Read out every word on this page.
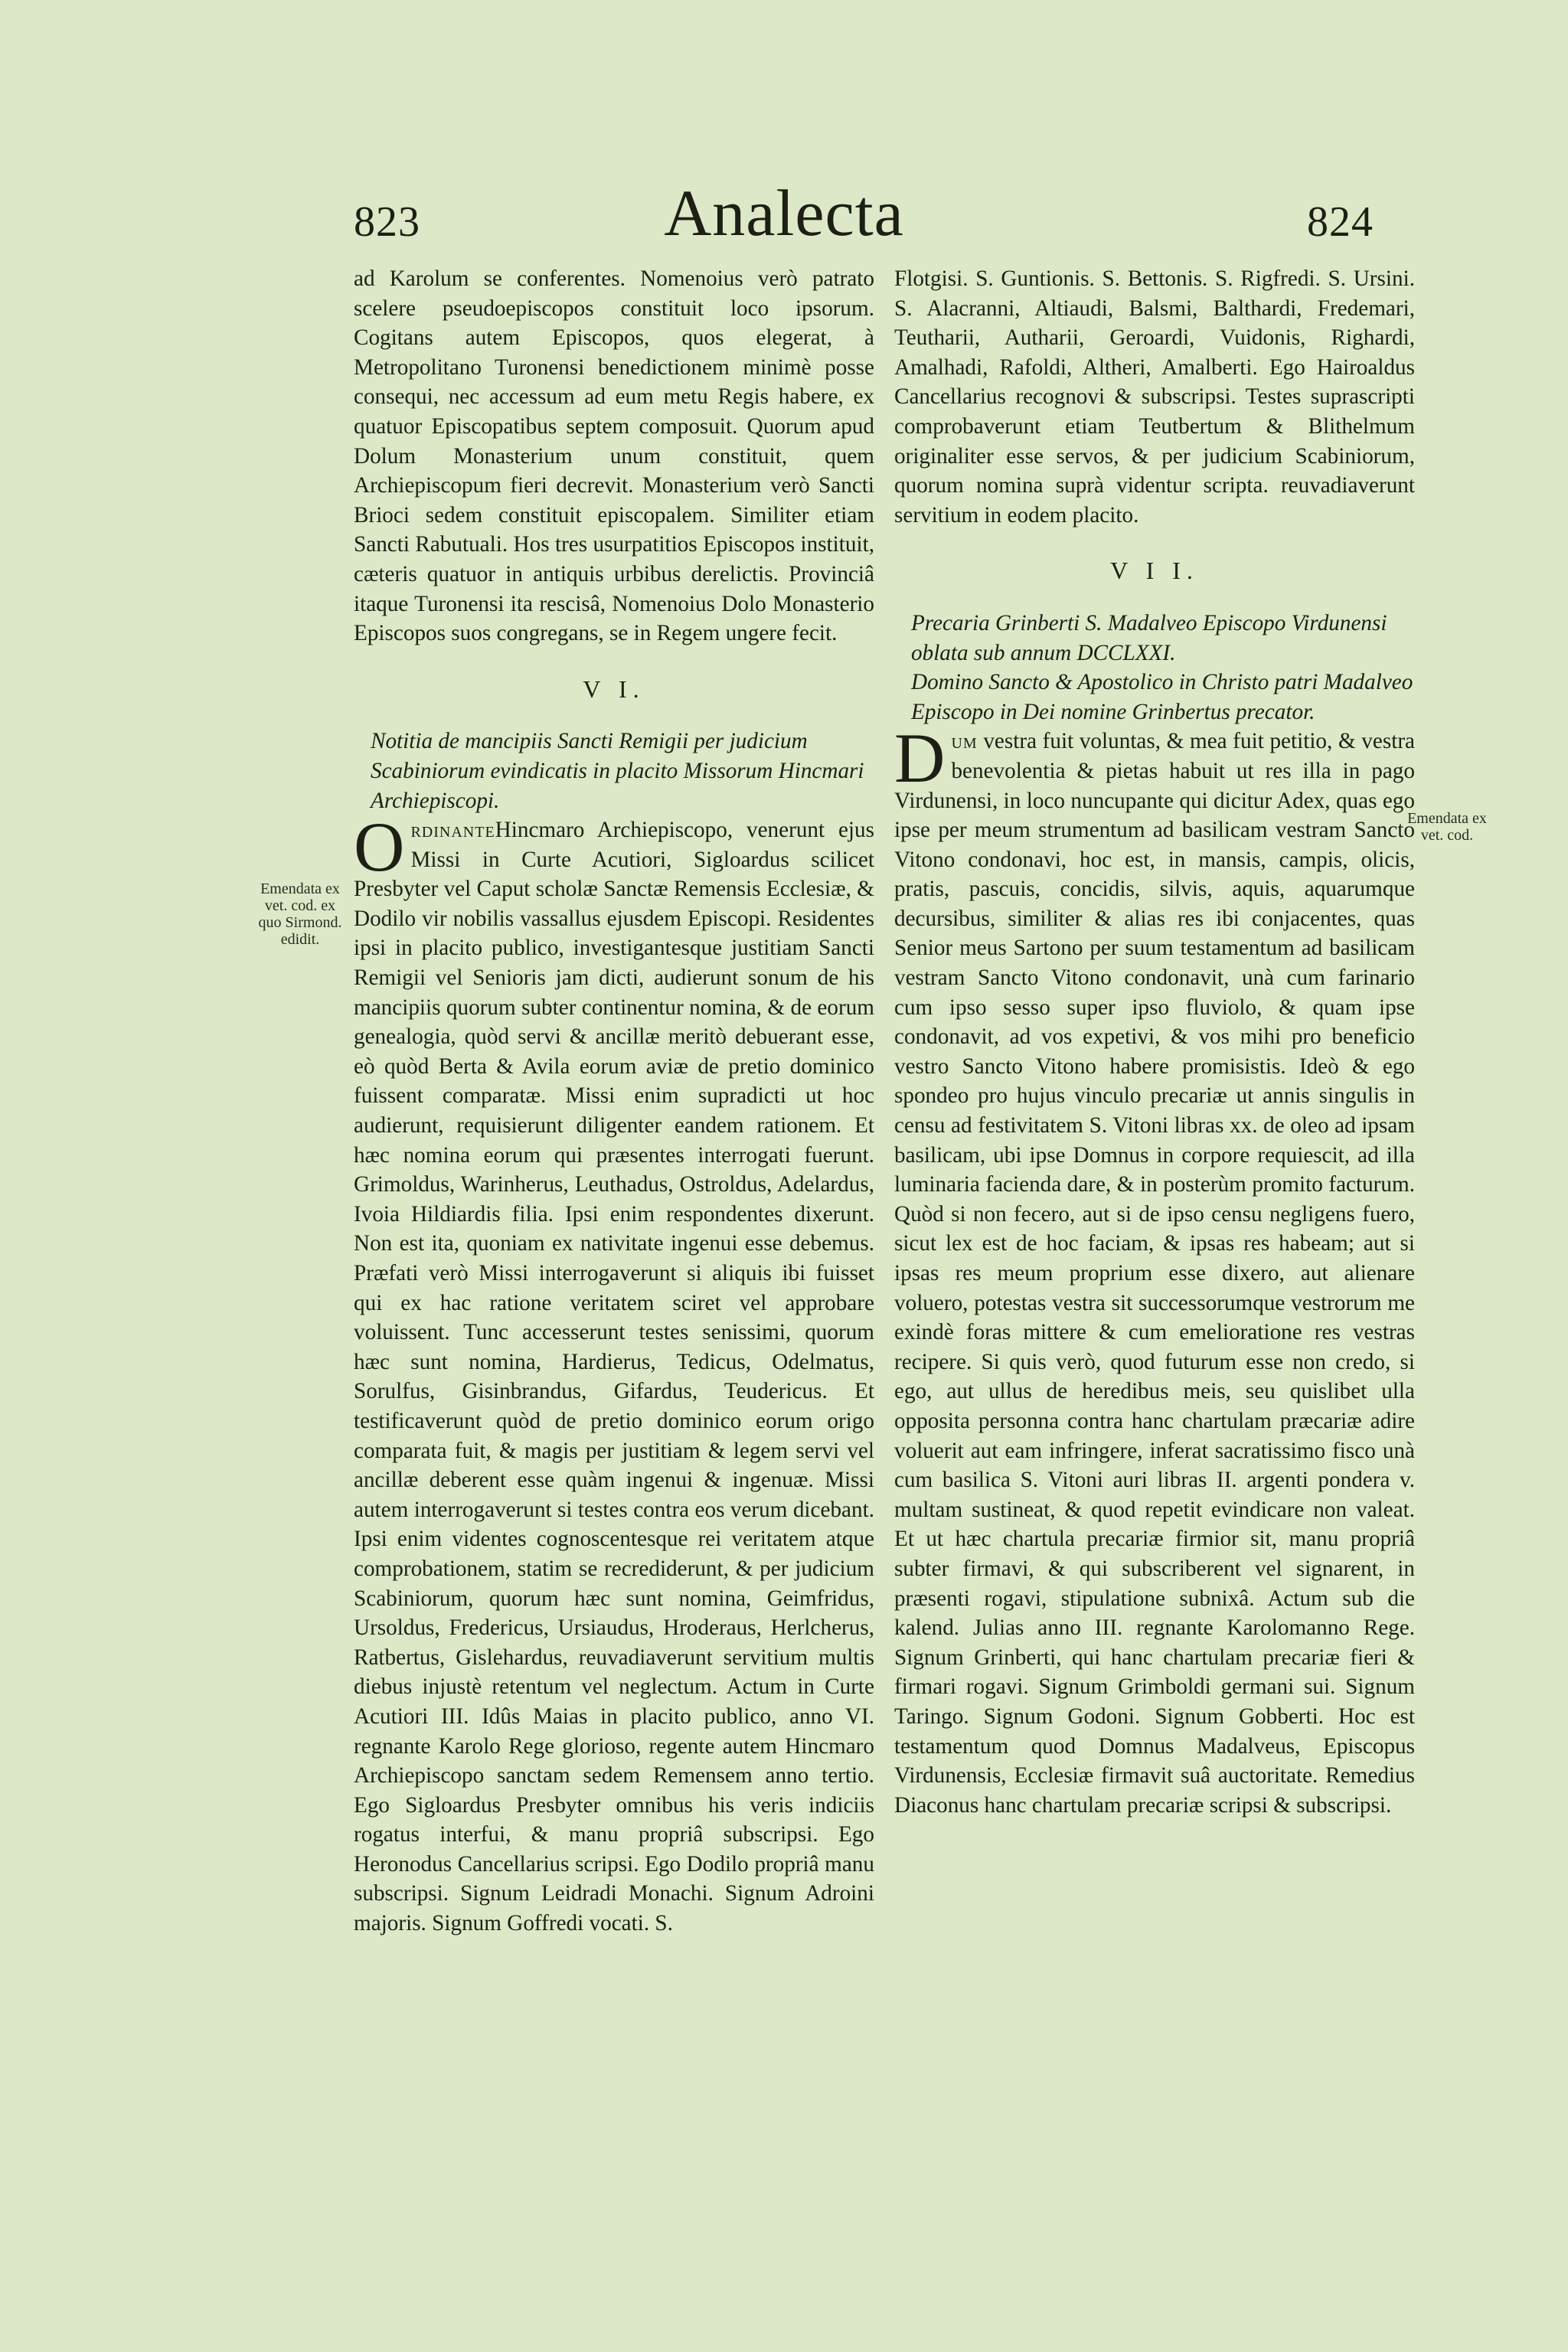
823	Analecta	824
Emendata ex vet. cod. ex quo Sirmond. edidit.
Emendata ex vet. cod.

ad Karolum se conferentes. Nomenoius verò patrato scelere pseudoepiscopos constituit loco ipsorum. Cogitans autem Episcopos, quos elegerat, à Metropolitano Turonensi benedictionem minimè posse consequi, nec accessum ad eum metu Regis habere, ex quatuor Episcopatibus septem composuit. Quorum apud Dolum Monasterium unum constituit, quem Archiepiscopum fieri decrevit. Monasterium verò Sancti Brioci sedem constituit episcopalem. Similiter etiam Sancti Rabutuali. Hos tres usurpatitios Episcopos instituit, cæteris quatuor in antiquis urbibus derelictis. Provinciâ itaque Turonensi ita rescisâ, Nomenoius Dolo Monasterio Episcopos suos congregans, se in Regem ungere fecit.

V I.

Notitia de mancipiis Sancti Remigii per judicium Scabiniorum evindicatis in placito Missorum Hincmari Archiepiscopi.

OrdinanteHincmaro Archiepiscopo, venerunt ejus Missi in Curte Acutiori, Sigloardus scilicet Presbyter vel Caput scholæ Sanctæ Remensis Ecclesiæ, & Dodilo vir nobilis vassallus ejusdem Episcopi. Residentes ipsi in placito publico, investigantesque justitiam Sancti Remigii vel Senioris jam dicti, audierunt sonum de his mancipiis quorum subter continentur nomina, & de eorum genealogia, quòd servi & ancillæ meritò debuerant esse, eò quòd Berta & Avila eorum aviæ de pretio dominico fuissent comparatæ. Missi enim supradicti ut hoc audierunt, requisierunt diligenter eandem rationem. Et hæc nomina eorum qui præsentes interrogati fuerunt. Grimoldus, Warinherus, Leuthadus, Ostroldus, Adelardus, Ivoia Hildiardis filia. Ipsi enim respondentes dixerunt. Non est ita, quoniam ex nativitate ingenui esse debemus. Præfati verò Missi interrogaverunt si aliquis ibi fuisset qui ex hac ratione veritatem sciret vel approbare voluissent. Tunc accesserunt testes senissimi, quorum hæc sunt nomina, Hardierus, Tedicus, Odelmatus, Sorulfus, Gisinbrandus, Gifardus, Teudericus. Et testificaverunt quòd de pretio dominico eorum origo comparata fuit, & magis per justitiam & legem servi vel ancillæ deberent esse quàm ingenui & ingenuæ. Missi autem interrogaverunt si testes contra eos verum dicebant. Ipsi enim videntes cognoscentesque rei veritatem atque comprobationem, statim se recrediderunt, & per judicium Scabiniorum, quorum hæc sunt nomina, Geimfridus, Ursoldus, Fredericus, Ursiaudus, Hroderaus, Herlcherus, Ratbertus, Gislehardus, reuvadiaverunt servitium multis diebus injustè retentum vel neglectum. Actum in Curte Acutiori III. Idûs Maias in placito publico, anno VI. regnante Karolo Rege glorioso, regente autem Hincmaro Archiepiscopo sanctam sedem Remensem anno tertio. Ego Sigloardus Presbyter omnibus his veris indiciis rogatus interfui, & manu propriâ subscripsi. Ego Heronodus Cancellarius scripsi. Ego Dodilo propriâ manu subscripsi. Signum Leidradi Monachi. Signum Adroini majoris. Signum Goffredi vocati. S.

Flotgisi. S. Guntionis. S. Bettonis. S. Rigfredi. S. Ursini. S. Alacranni, Altiaudi, Balsmi, Balthardi, Fredemari, Teutharii, Autharii, Geroardi, Vuidonis, Righardi, Amalhadi, Rafoldi, Altheri, Amalberti. Ego Hairoaldus Cancellarius recognovi & subscripsi. Testes suprascripti comprobaverunt etiam Teutbertum & Blithelmum originaliter esse servos, & per judicium Scabiniorum, quorum nomina suprà videntur scripta. reuvadiaverunt servitium in eodem placito.

V I I.

Precaria Grinberti S. Madalveo Episcopo Virdunensi oblata sub annum DCCLXXI.

Domino Sancto & Apostolico in Christo patri Madalveo Episcopo in Dei nomine Grinbertus precator.

Dum vestra fuit voluntas, & mea fuit petitio, & vestra benevolentia & pietas habuit ut res illa in pago Virdunensi, in loco nuncupante qui dicitur Adex, quas ego ipse per meum strumentum ad basilicam vestram Sancto Vitono condonavi, hoc est, in mansis, campis, olicis, pratis, pascuis, concidis, silvis, aquis, aquarumque decursibus, similiter & alias res ibi conjacentes, quas Senior meus Sartono per suum testamentum ad basilicam vestram Sancto Vitono condonavit, unà cum farinario cum ipso sesso super ipso fluviolo, & quam ipse condonavit, ad vos expetivi, & vos mihi pro beneficio vestro Sancto Vitono habere promisistis. Ideò & ego spondeo pro hujus vinculo precariæ ut annis singulis in censu ad festivitatem S. Vitoni libras xx. de oleo ad ipsam basilicam, ubi ipse Domnus in corpore requiescit, ad illa luminaria facienda dare, & in posterùm promito facturum. Quòd si non fecero, aut si de ipso censu negligens fuero, sicut lex est de hoc faciam, & ipsas res habeam; aut si ipsas res meum proprium esse dixero, aut alienare voluero, potestas vestra sit successorumque vestrorum me exindè foras mittere & cum emelioratione res vestras recipere. Si quis verò, quod futurum esse non credo, si ego, aut ullus de heredibus meis, seu quislibet ulla opposita personna contra hanc chartulam præcariæ adire voluerit aut eam infringere, inferat sacratissimo fisco unà cum basilica S. Vitoni auri libras II. argenti pondera v. multam sustineat, & quod repetit evindicare non valeat. Et ut hæc chartula precariæ firmior sit, manu propriâ subter firmavi, & qui subscriberent vel signarent, in præsenti rogavi, stipulatione subnixâ. Actum sub die kalend. Julias anno III. regnante Karolomanno Rege. Signum Grinberti, qui hanc chartulam precariæ fieri & firmari rogavi. Signum Grimboldi germani sui. Signum Taringo. Signum Godoni. Signum Gobberti. Hoc est testamentum quod Domnus Madalveus, Episcopus Virdunensis, Ecclesiæ firmavit suâ auctoritate. Remedius Diaconus hanc chartulam precariæ scripsi & subscripsi.
